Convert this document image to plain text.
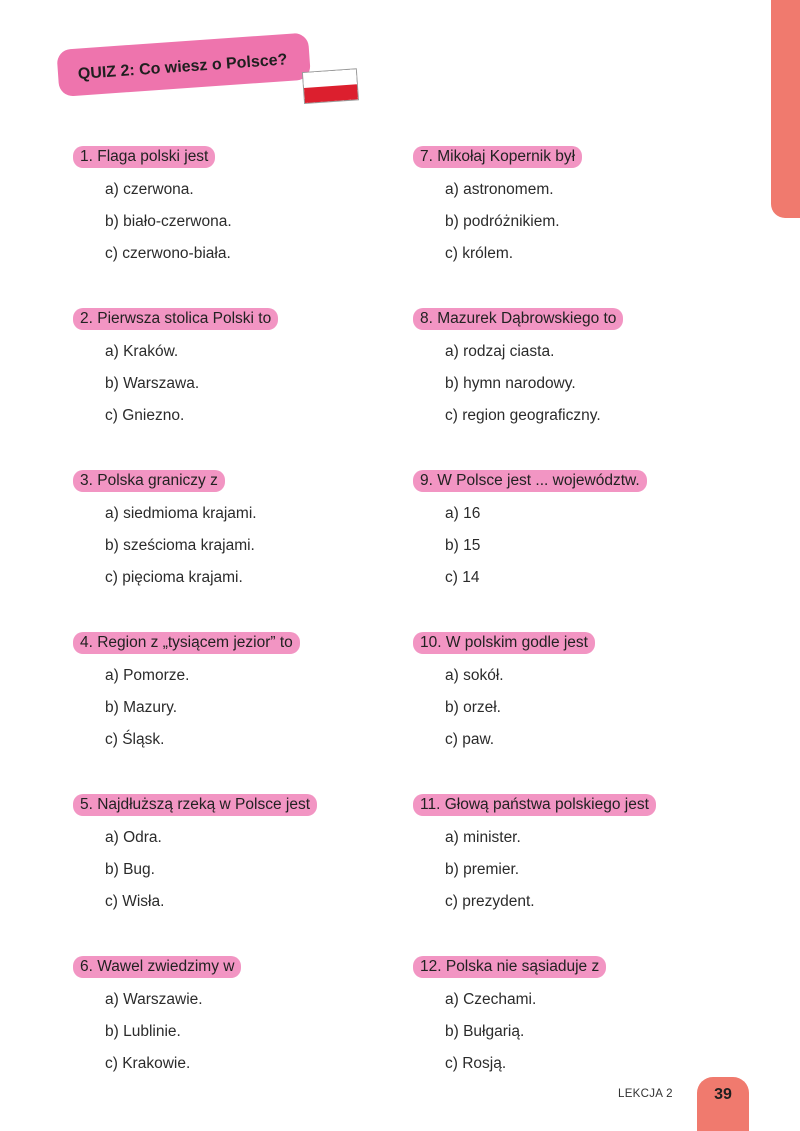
QUIZ 2: Co wiesz o Polsce?
1. Flaga polski jest
a) czerwona.
b) biało-czerwona.
c) czerwono-biała.
2. Pierwsza stolica Polski to
a) Kraków.
b) Warszawa.
c) Gniezno.
3. Polska graniczy z
a) siedmioma krajami.
b) sześcioma krajami.
c) pięcioma krajami.
4. Region z „tysiącem jezior” to
a) Pomorze.
b) Mazury.
c) Śląsk.
5. Najdłuższą rzeką w Polsce jest
a) Odra.
b) Bug.
c) Wisła.
6. Wawel zwiedzimy w
a) Warszawie.
b) Lublinie.
c) Krakowie.
7. Mikołaj Kopernik był
a) astronomem.
b) podróżnikiem.
c) królem.
8. Mazurek Dąbrowskiego to
a) rodzaj ciasta.
b) hymn narodowy.
c) region geograficzny.
9. W Polsce jest ... województw.
a) 16
b) 15
c) 14
10. W polskim godle jest
a) sokół.
b) orzeł.
c) paw.
11. Głową państwa polskiego jest
a) minister.
b) premier.
c) prezydent.
12. Polska nie sąsiaduje z
a) Czechami.
b) Bułgarią.
c) Rosją.
LEKCJA 2	39
